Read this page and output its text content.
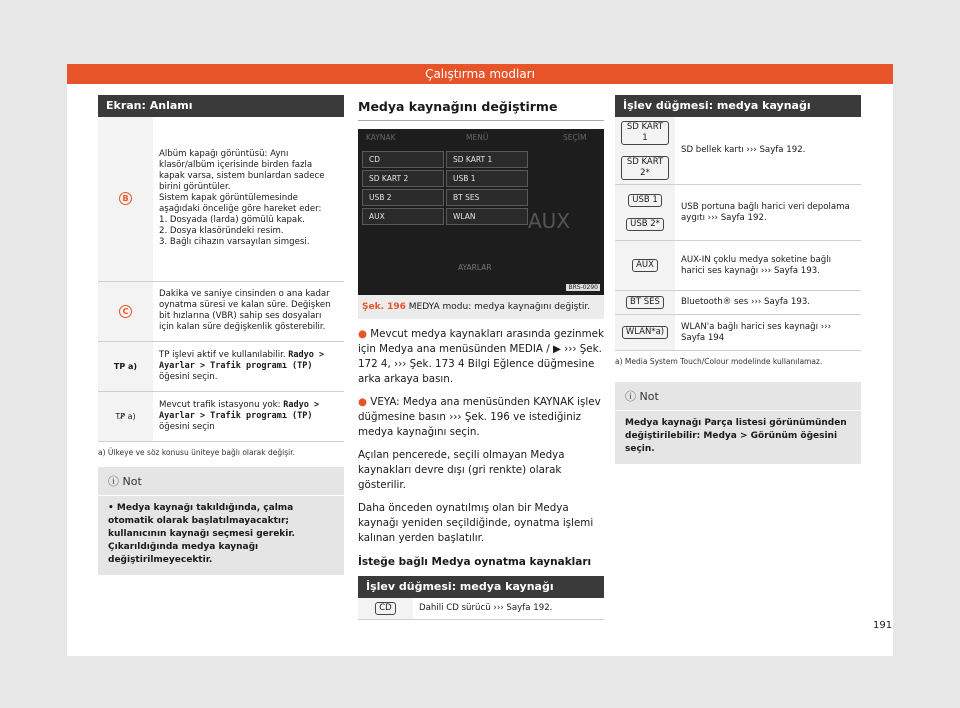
Çalıştırma modları
Ekran: Anlamı
B	Albüm kapağı görüntüsü: Aynı klasör/albüm içerisinde birden fazla kapak varsa, sistem bunlardan sadece birini görüntüler.
Sistem kapak görüntülemesinde aşağıdaki önceliğe göre hareket eder:
1. Dosyada (larda) gömülü kapak.
2. Dosya klasöründeki resim.
3. Bağlı cihazın varsayılan simgesi.
C	Dakika ve saniye cinsinden o ana kadar oynatma süresi ve kalan süre. Değişken bit hızlarına (VBR) sahip ses dosyaları için kalan süre değişkenlik gösterebilir.
TP a)	TP işlevi aktif ve kullanılabilir. Radyo > Ayarlar > Trafik programı (TP) öğesini seçin.
TP̸ a)	Mevcut trafik istasyonu yok: Radyo > Ayarlar > Trafik programı (TP) öğesini seçin
a) Ülkeye ve söz konusu üniteye bağlı olarak değişir.
ⓘ Not
• Medya kaynağı takıldığında, çalma otomatik olarak başlatılmayacaktır; kullanıcının kaynağı seçmesi gerekir. Çıkarıldığında medya kaynağı değiştirilmeyecektir.
Medya kaynağını değiştirme
KAYNAK	MENÜ	SEÇİM
AUX
CD	SD KART 1
SD KART 2	USB 1
USB 2	BT SES
AUX	WLAN
AYARLAR
BRS-0290
Şek. 196 MEDYA modu: medya kaynağını değiştir.
● Mevcut medya kaynakları arasında gezinmek için Medya ana menüsünden MEDIA / ▶ ››› Şek. 172 4, ››› Şek. 173 4 Bilgi Eğlence düğmesine arka arkaya basın.
● VEYA: Medya ana menüsünden KAYNAK işlev düğmesine basın ››› Şek. 196 ve istediğiniz medya kaynağını seçin.
Açılan pencerede, seçili olmayan Medya kaynakları devre dışı (gri renkte) olarak gösterilir.
Daha önceden oynatılmış olan bir Medya kaynağı yeniden seçildiğinde, oynatma işlemi kalınan yerden başlatılır.
İsteğe bağlı Medya oynatma kaynakları
İşlev düğmesi: medya kaynağı
CD	Dahili CD sürücü ››› Sayfa 192.
İşlev düğmesi: medya kaynağı
SD KART 1

SD KART 2*	SD bellek kartı ››› Sayfa 192.
USB 1

USB 2*	USB portuna bağlı harici veri depolama aygıtı ››› Sayfa 192.
AUX	AUX-IN çoklu medya soketine bağlı harici ses kaynağı ››› Sayfa 193.
BT SES	Bluetooth® ses ››› Sayfa 193.
WLAN*a)	WLAN'a bağlı harici ses kaynağı ››› Sayfa 194
a) Media System Touch/Colour modelinde kullanılamaz.
ⓘ Not
Medya kaynağı Parça listesi görünümünden değiştirilebilir: Medya > Görünüm öğesini seçin.
191
